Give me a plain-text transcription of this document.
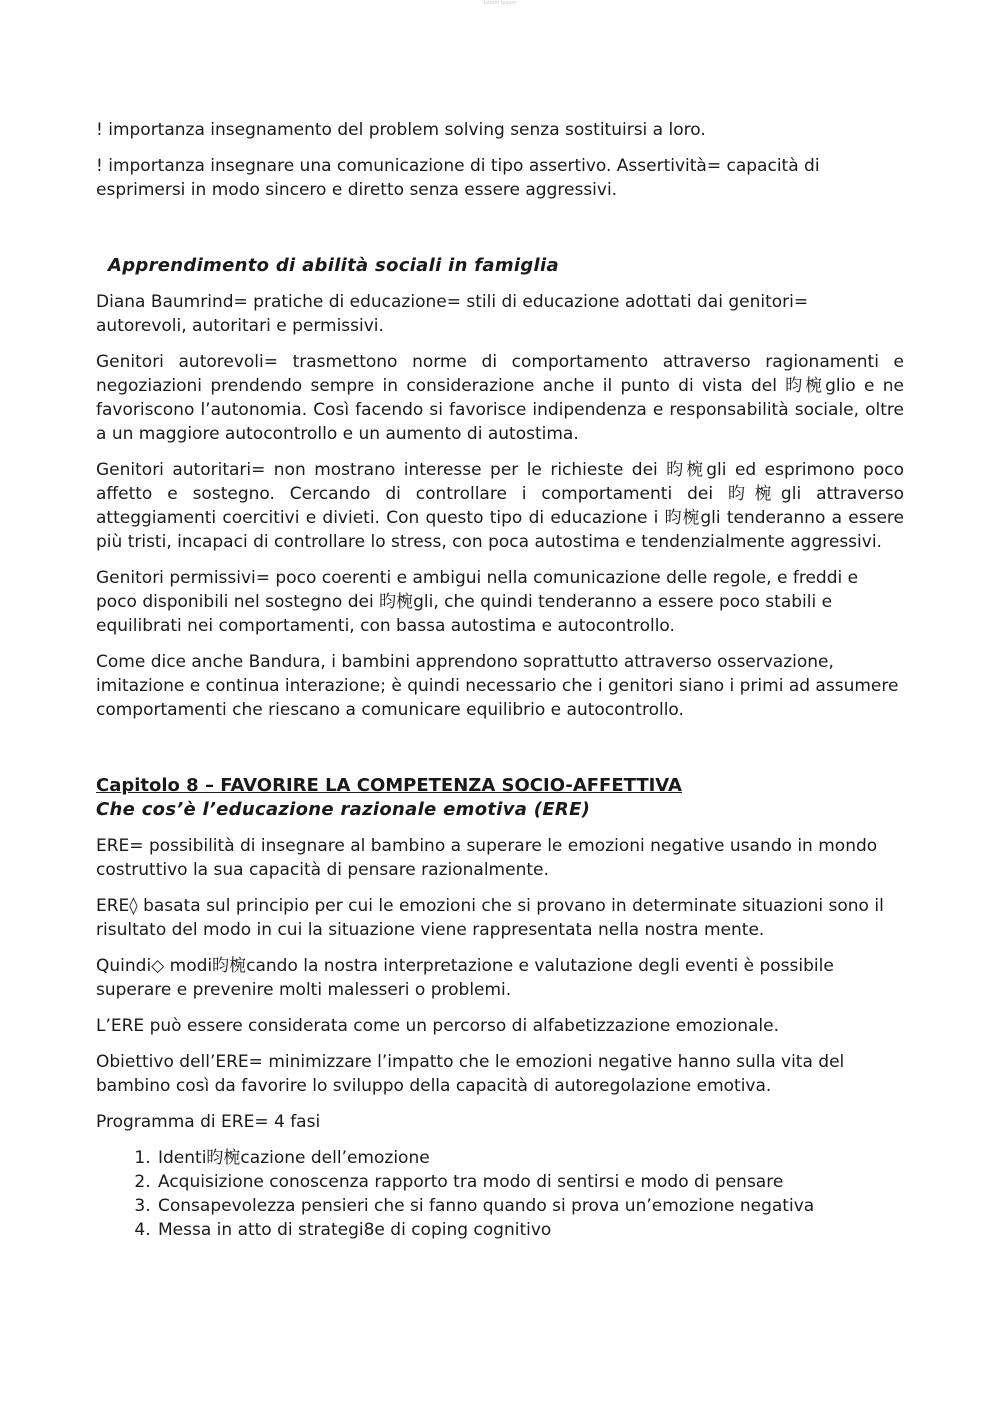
Lorem Ipsum

! importanza insegnamento del problem solving senza sostituirsi a loro.

! importanza insegnare una comunicazione di tipo assertivo. Assertività= capacità di esprimersi in modo sincero e diretto senza essere aggressivi.

Apprendimento di abilità sociali in famiglia

Diana Baumrind= pratiche di educazione= stili di educazione adottati dai genitori= autorevoli, autoritari e permissivi.

Genitori autorevoli= trasmettono norme di comportamento attraverso ragionamenti e negoziazioni prendendo sempre in considerazione anche il punto di vista del 昀椀glio e ne favoriscono l’autonomia. Così facendo si favorisce indipendenza e responsabilità sociale, oltre a un maggiore autocontrollo e un aumento di autostima.

Genitori autoritari= non mostrano interesse per le richieste dei 昀椀gli ed esprimono poco affetto e sostegno. Cercando di controllare i comportamenti dei 昀椀gli attraverso atteggiamenti coercitivi e divieti. Con questo tipo di educazione i 昀椀gli tenderanno a essere più tristi, incapaci di controllare lo stress, con poca autostima e tendenzialmente aggressivi.

Genitori permissivi= poco coerenti e ambigui nella comunicazione delle regole, e freddi e poco disponibili nel sostegno dei 昀椀gli, che quindi tenderanno a essere poco stabili e equilibrati nei comportamenti, con bassa autostima e autocontrollo.

Come dice anche Bandura, i bambini apprendono soprattutto attraverso osservazione, imitazione e continua interazione; è quindi necessario che i genitori siano i primi ad assumere comportamenti che riescano a comunicare equilibrio e autocontrollo.

Capitolo 8 – FAVORIRE LA COMPETENZA SOCIO-AFFETTIVA
Che cos’è l’educazione razionale emotiva (ERE)

ERE= possibilità di insegnare al bambino a superare le emozioni negative usando in mondo costruttivo la sua capacità di pensare razionalmente.

ERE◊ basata sul principio per cui le emozioni che si provano in determinate situazioni sono il risultato del modo in cui la situazione viene rappresentata nella nostra mente.

Quindi◇ modi昀椀cando la nostra interpretazione e valutazione degli eventi è possibile superare e prevenire molti malesseri o problemi.

L’ERE può essere considerata come un percorso di alfabetizzazione emozionale.

Obiettivo dell’ERE= minimizzare l’impatto che le emozioni negative hanno sulla vita del bambino così da favorire lo sviluppo della capacità di autoregolazione emotiva.

Programma di ERE= 4 fasi

1. Identi昀椀cazione dell’emozione
2. Acquisizione conoscenza rapporto tra modo di sentirsi e modo di pensare
3. Consapevolezza pensieri che si fanno quando si prova un’emozione negativa
4. Messa in atto di strategi8e di coping cognitivo
